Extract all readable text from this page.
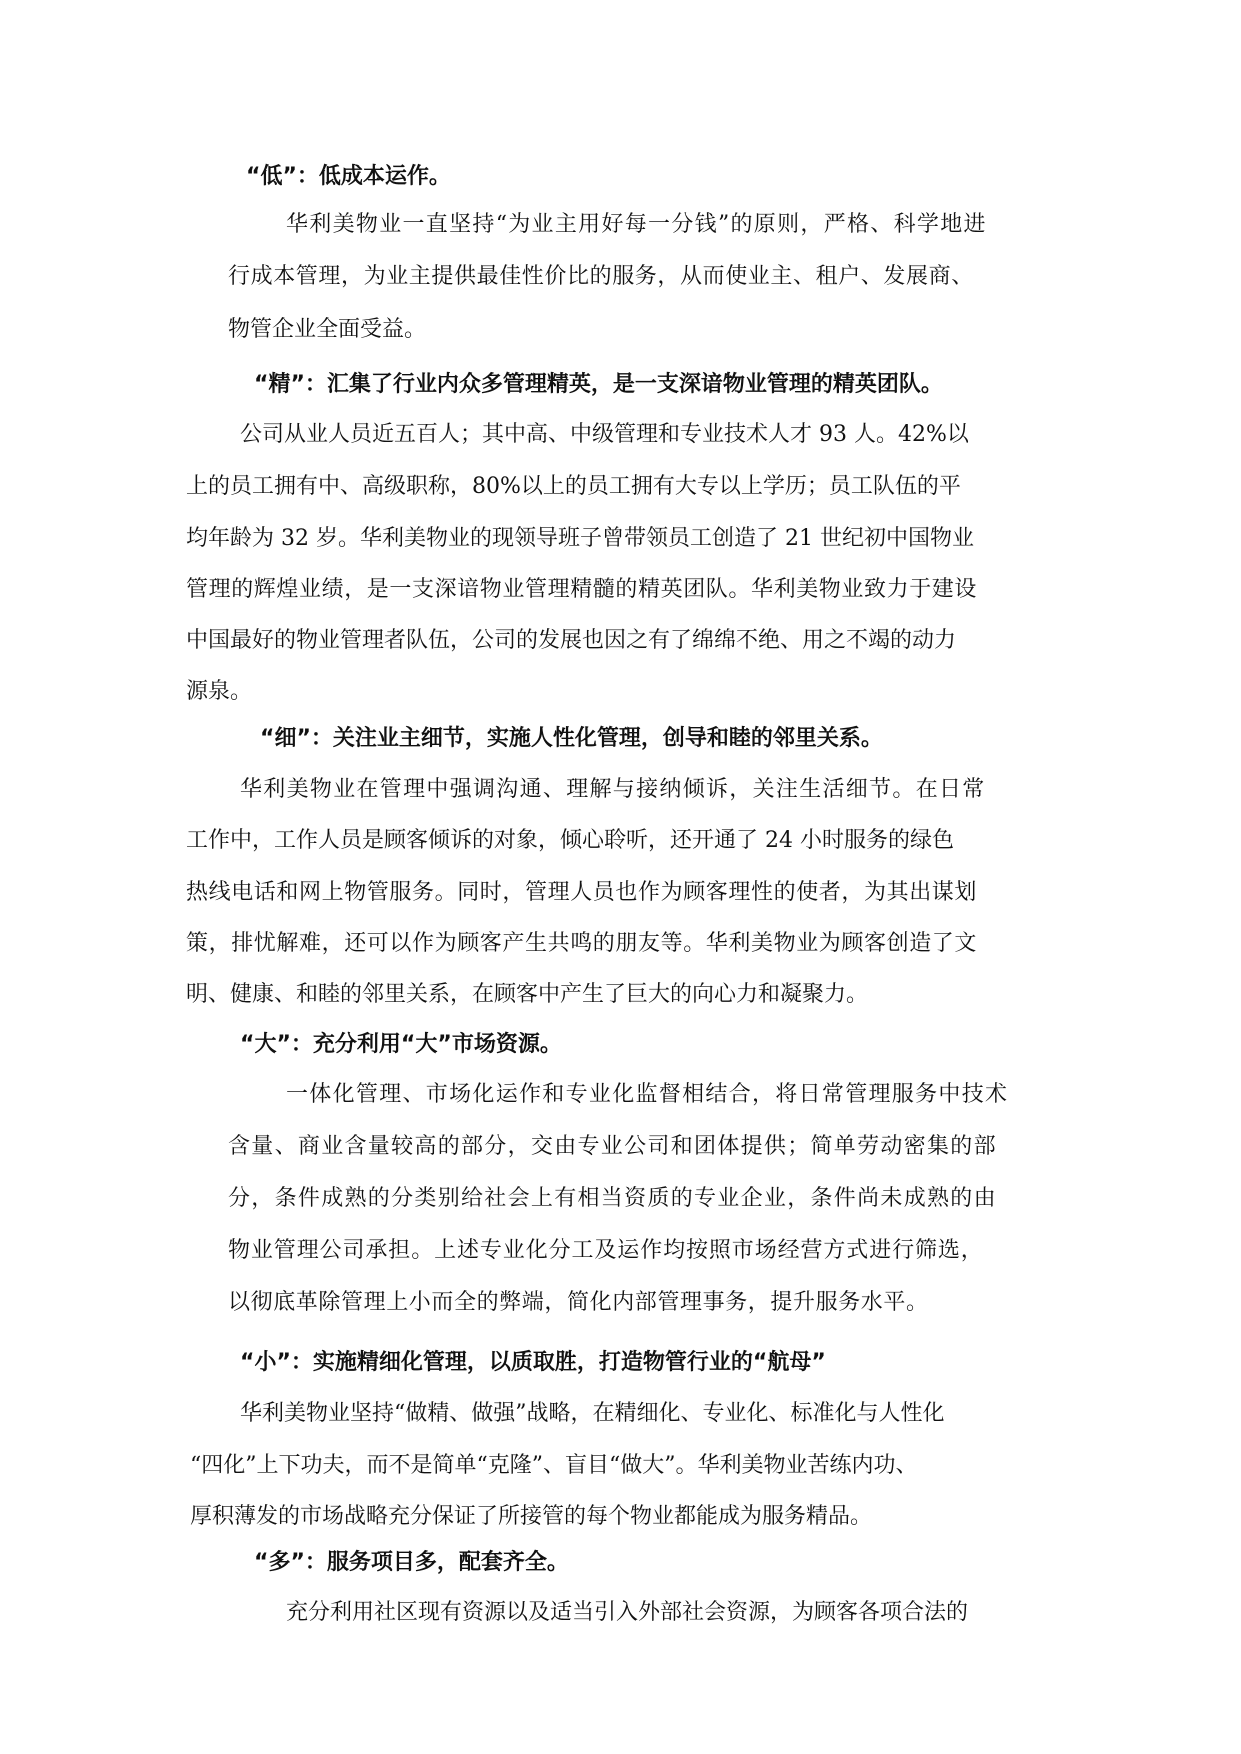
“低”：低成本运作。
华利美物业一直坚持“为业主用好每一分钱”的原则，严格、科学地进
行成本管理，为业主提供最佳性价比的服务，从而使业主、租户、发展商、
物管企业全面受益。
“精”：汇集了行业内众多管理精英，是一支深谙物业管理的精英团队。
公司从业人员近五百人；其中高、中级管理和专业技术人才 93 人。42%以
上的员工拥有中、高级职称，80%以上的员工拥有大专以上学历；员工队伍的平
均年龄为 32 岁。华利美物业的现领导班子曾带领员工创造了 21 世纪初中国物业
管理的辉煌业绩，是一支深谙物业管理精髓的精英团队。华利美物业致力于建设
中国最好的物业管理者队伍，公司的发展也因之有了绵绵不绝、用之不竭的动力
源泉。
“细”：关注业主细节，实施人性化管理，创导和睦的邻里关系。
华利美物业在管理中强调沟通、理解与接纳倾诉，关注生活细节。在日常
工作中，工作人员是顾客倾诉的对象，倾心聆听，还开通了 24 小时服务的绿色
热线电话和网上物管服务。同时，管理人员也作为顾客理性的使者，为其出谋划
策，排忧解难，还可以作为顾客产生共鸣的朋友等。华利美物业为顾客创造了文
明、健康、和睦的邻里关系，在顾客中产生了巨大的向心力和凝聚力。
“大”：充分利用“大”市场资源。
一体化管理、市场化运作和专业化监督相结合，将日常管理服务中技术
含量、商业含量较高的部分，交由专业公司和团体提供；简单劳动密集的部
分，条件成熟的分类别给社会上有相当资质的专业企业，条件尚未成熟的由
物业管理公司承担。上述专业化分工及运作均按照市场经营方式进行筛选，
以彻底革除管理上小而全的弊端，简化内部管理事务，提升服务水平。
“小”：实施精细化管理，以质取胜，打造物管行业的“航母”
华利美物业坚持“做精、做强”战略，在精细化、专业化、标准化与人性化
“四化”上下功夫，而不是简单“克隆”、盲目“做大”。华利美物业苦练内功、
厚积薄发的市场战略充分保证了所接管的每个物业都能成为服务精品。
“多”：服务项目多，配套齐全。
充分利用社区现有资源以及适当引入外部社会资源，为顾客各项合法的
